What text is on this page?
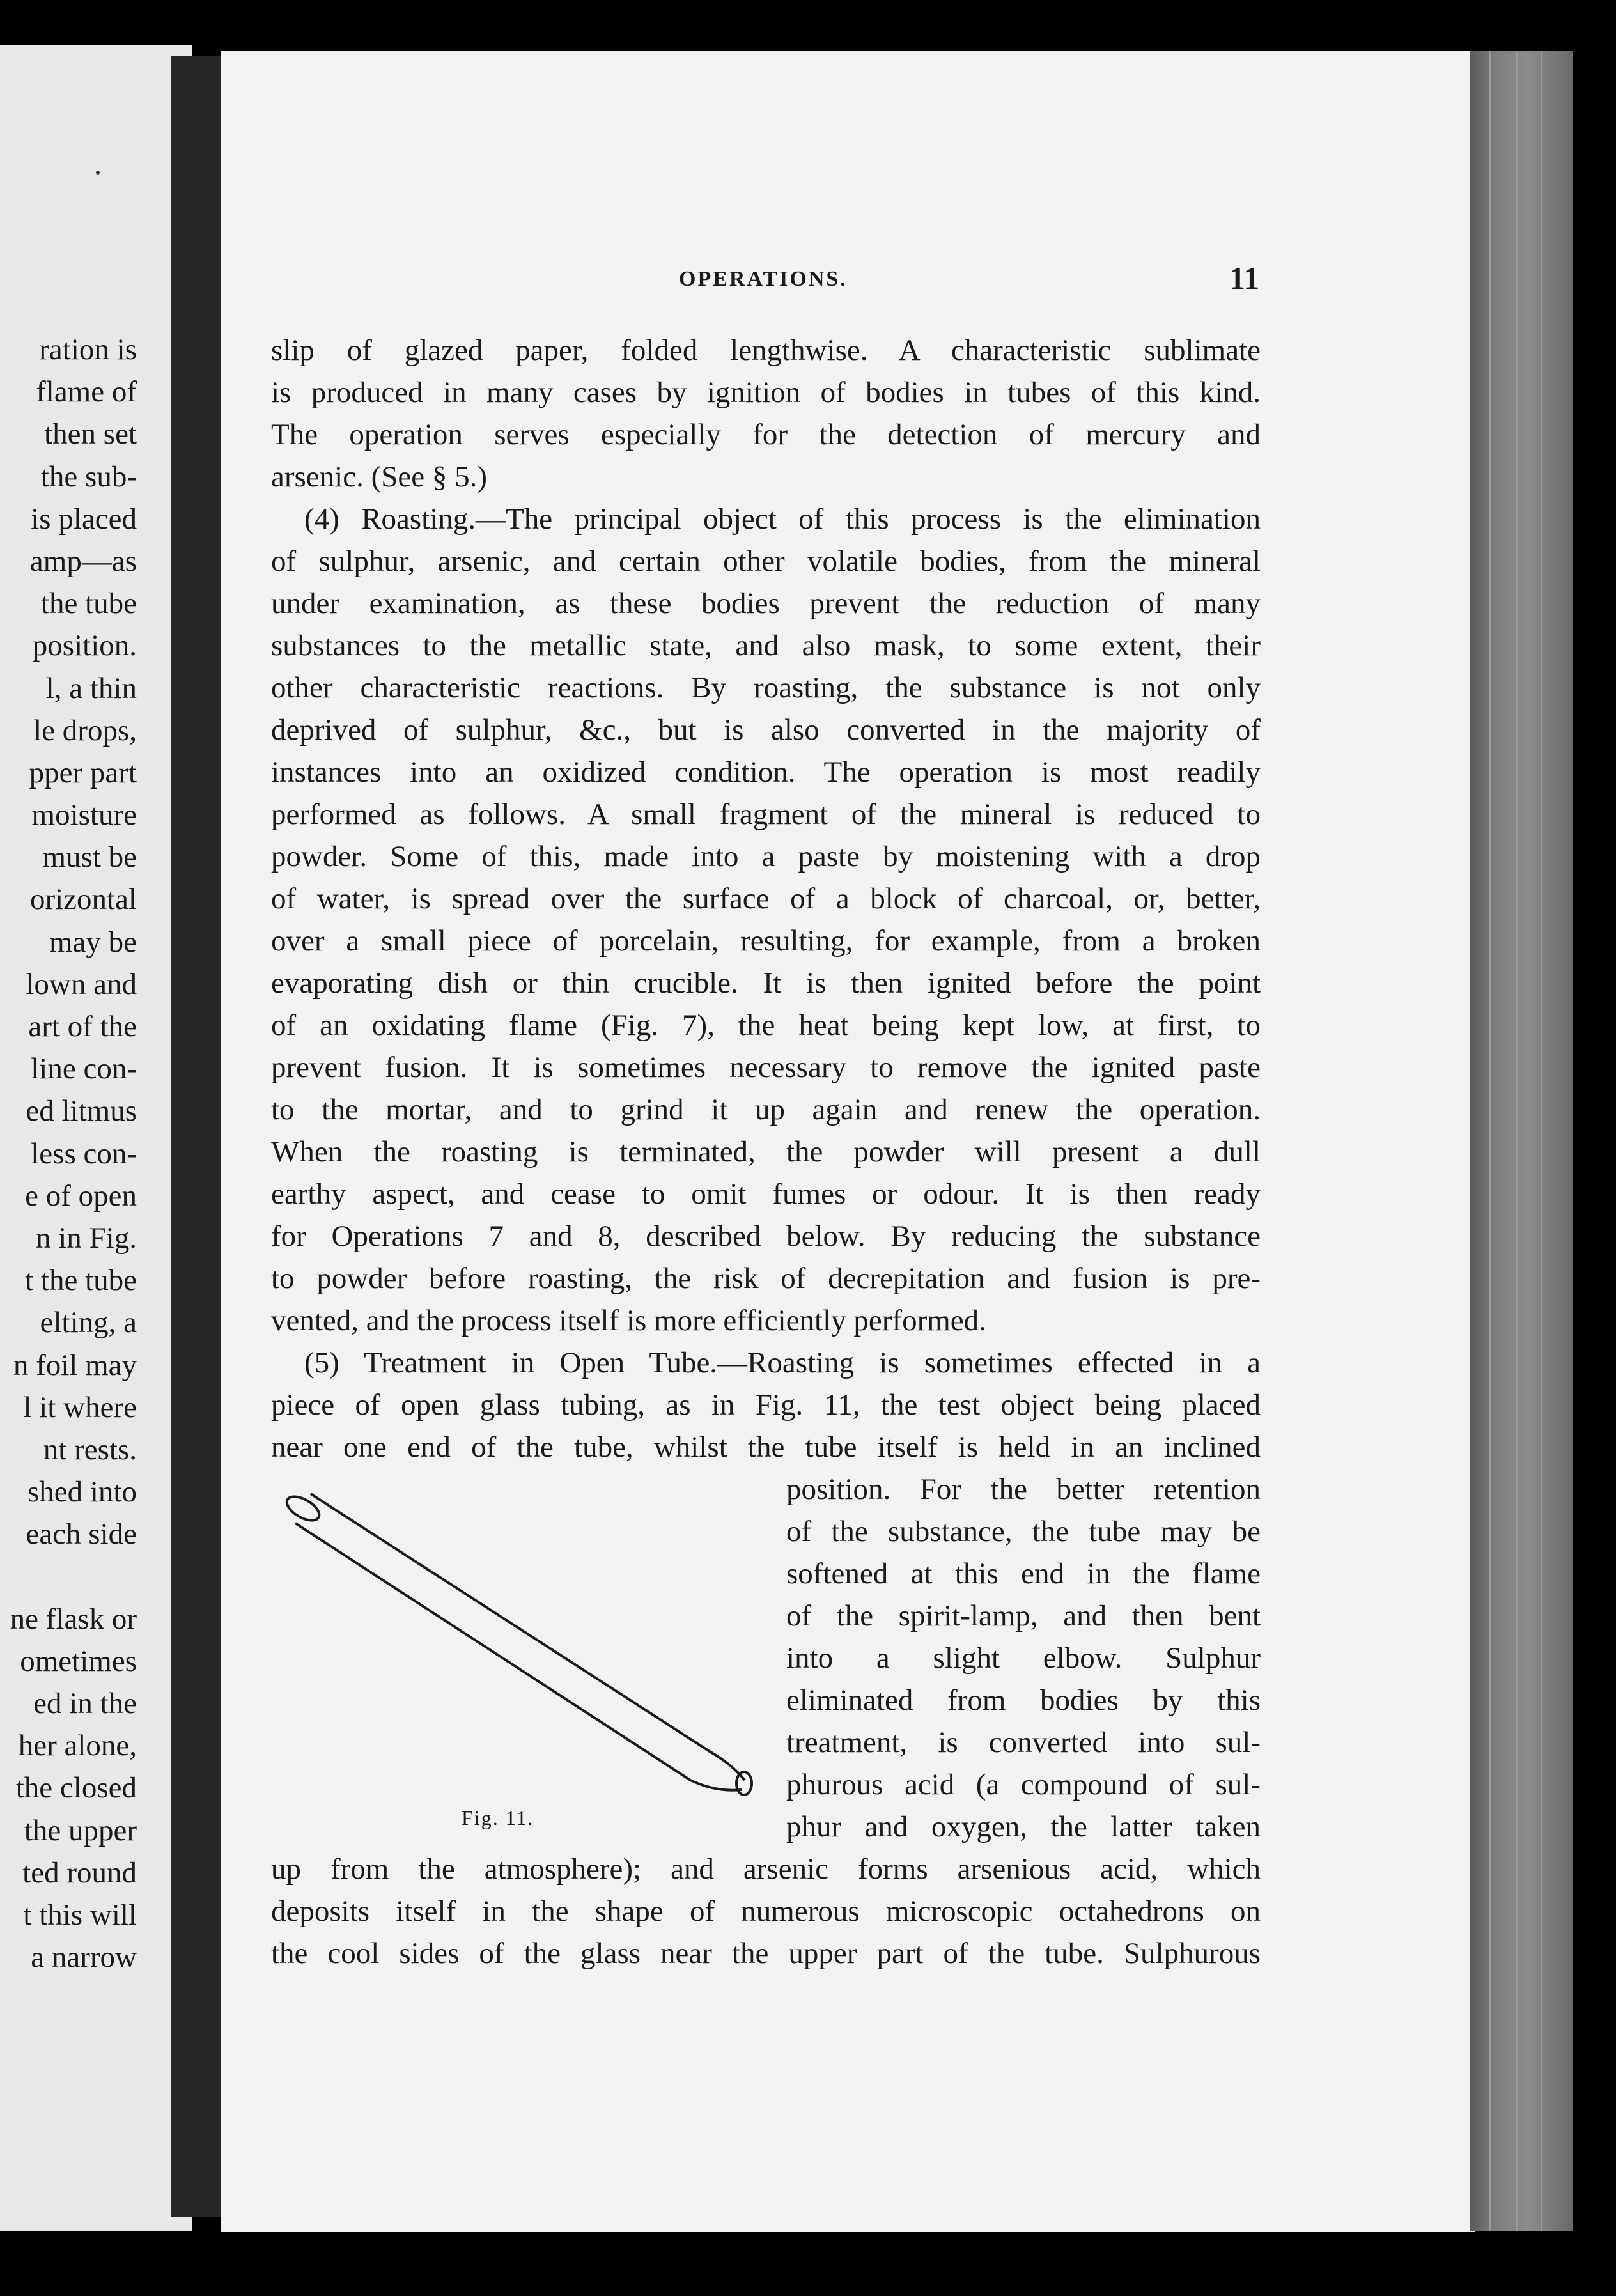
ration is
flame of
then set
the sub-
is placed
amp—as
the tube
position.
l, a thin
le drops,
pper part
moisture
must be
orizontal
may be
lown and
art of the
line con-
ed litmus
less con-
e of open
n in Fig.
t the tube
elting, a
n foil may
l it where
nt rests.
shed into
each side
ne flask or
ometimes
ed in the
her alone,
the closed
the upper
ted round
t this will
a narrow
OPERATIONS.	11
slip of glazed paper, folded lengthwise. A characteristic sublimate
is produced in many cases by ignition of bodies in tubes of this kind.
The operation serves especially for the detection of mercury and
arsenic. (See § 5.)
(4) Roasting.—The principal object of this process is the elimination
of sulphur, arsenic, and certain other volatile bodies, from the mineral
under examination, as these bodies prevent the reduction of many
substances to the metallic state, and also mask, to some extent, their
other characteristic reactions. By roasting, the substance is not only
deprived of sulphur, &c., but is also converted in the majority of
instances into an oxidized condition. The operation is most readily
performed as follows. A small fragment of the mineral is reduced to
powder. Some of this, made into a paste by moistening with a drop
of water, is spread over the surface of a block of charcoal, or, better,
over a small piece of porcelain, resulting, for example, from a broken
evaporating dish or thin crucible. It is then ignited before the point
of an oxidating flame (Fig. 7), the heat being kept low, at first, to
prevent fusion. It is sometimes necessary to remove the ignited paste
to the mortar, and to grind it up again and renew the operation.
When the roasting is terminated, the powder will present a dull
earthy aspect, and cease to omit fumes or odour. It is then ready
for Operations 7 and 8, described below. By reducing the substance
to powder before roasting, the risk of decrepitation and fusion is pre-
vented, and the process itself is more efficiently performed.
(5) Treatment in Open Tube.—Roasting is sometimes effected in a
piece of open glass tubing, as in Fig. 11, the test object being placed
near one end of the tube, whilst the tube itself is held in an inclined
position. For the better retention
of the substance, the tube may be
softened at this end in the flame
of the spirit-lamp, and then bent
into a slight elbow. Sulphur
eliminated from bodies by this
treatment, is converted into sul-
phurous acid (a compound of sul-
phur and oxygen, the latter taken
up from the atmosphere); and arsenic forms arsenious acid, which
deposits itself in the shape of numerous microscopic octahedrons on
the cool sides of the glass near the upper part of the tube. Sulphurous
Fig. 11.
